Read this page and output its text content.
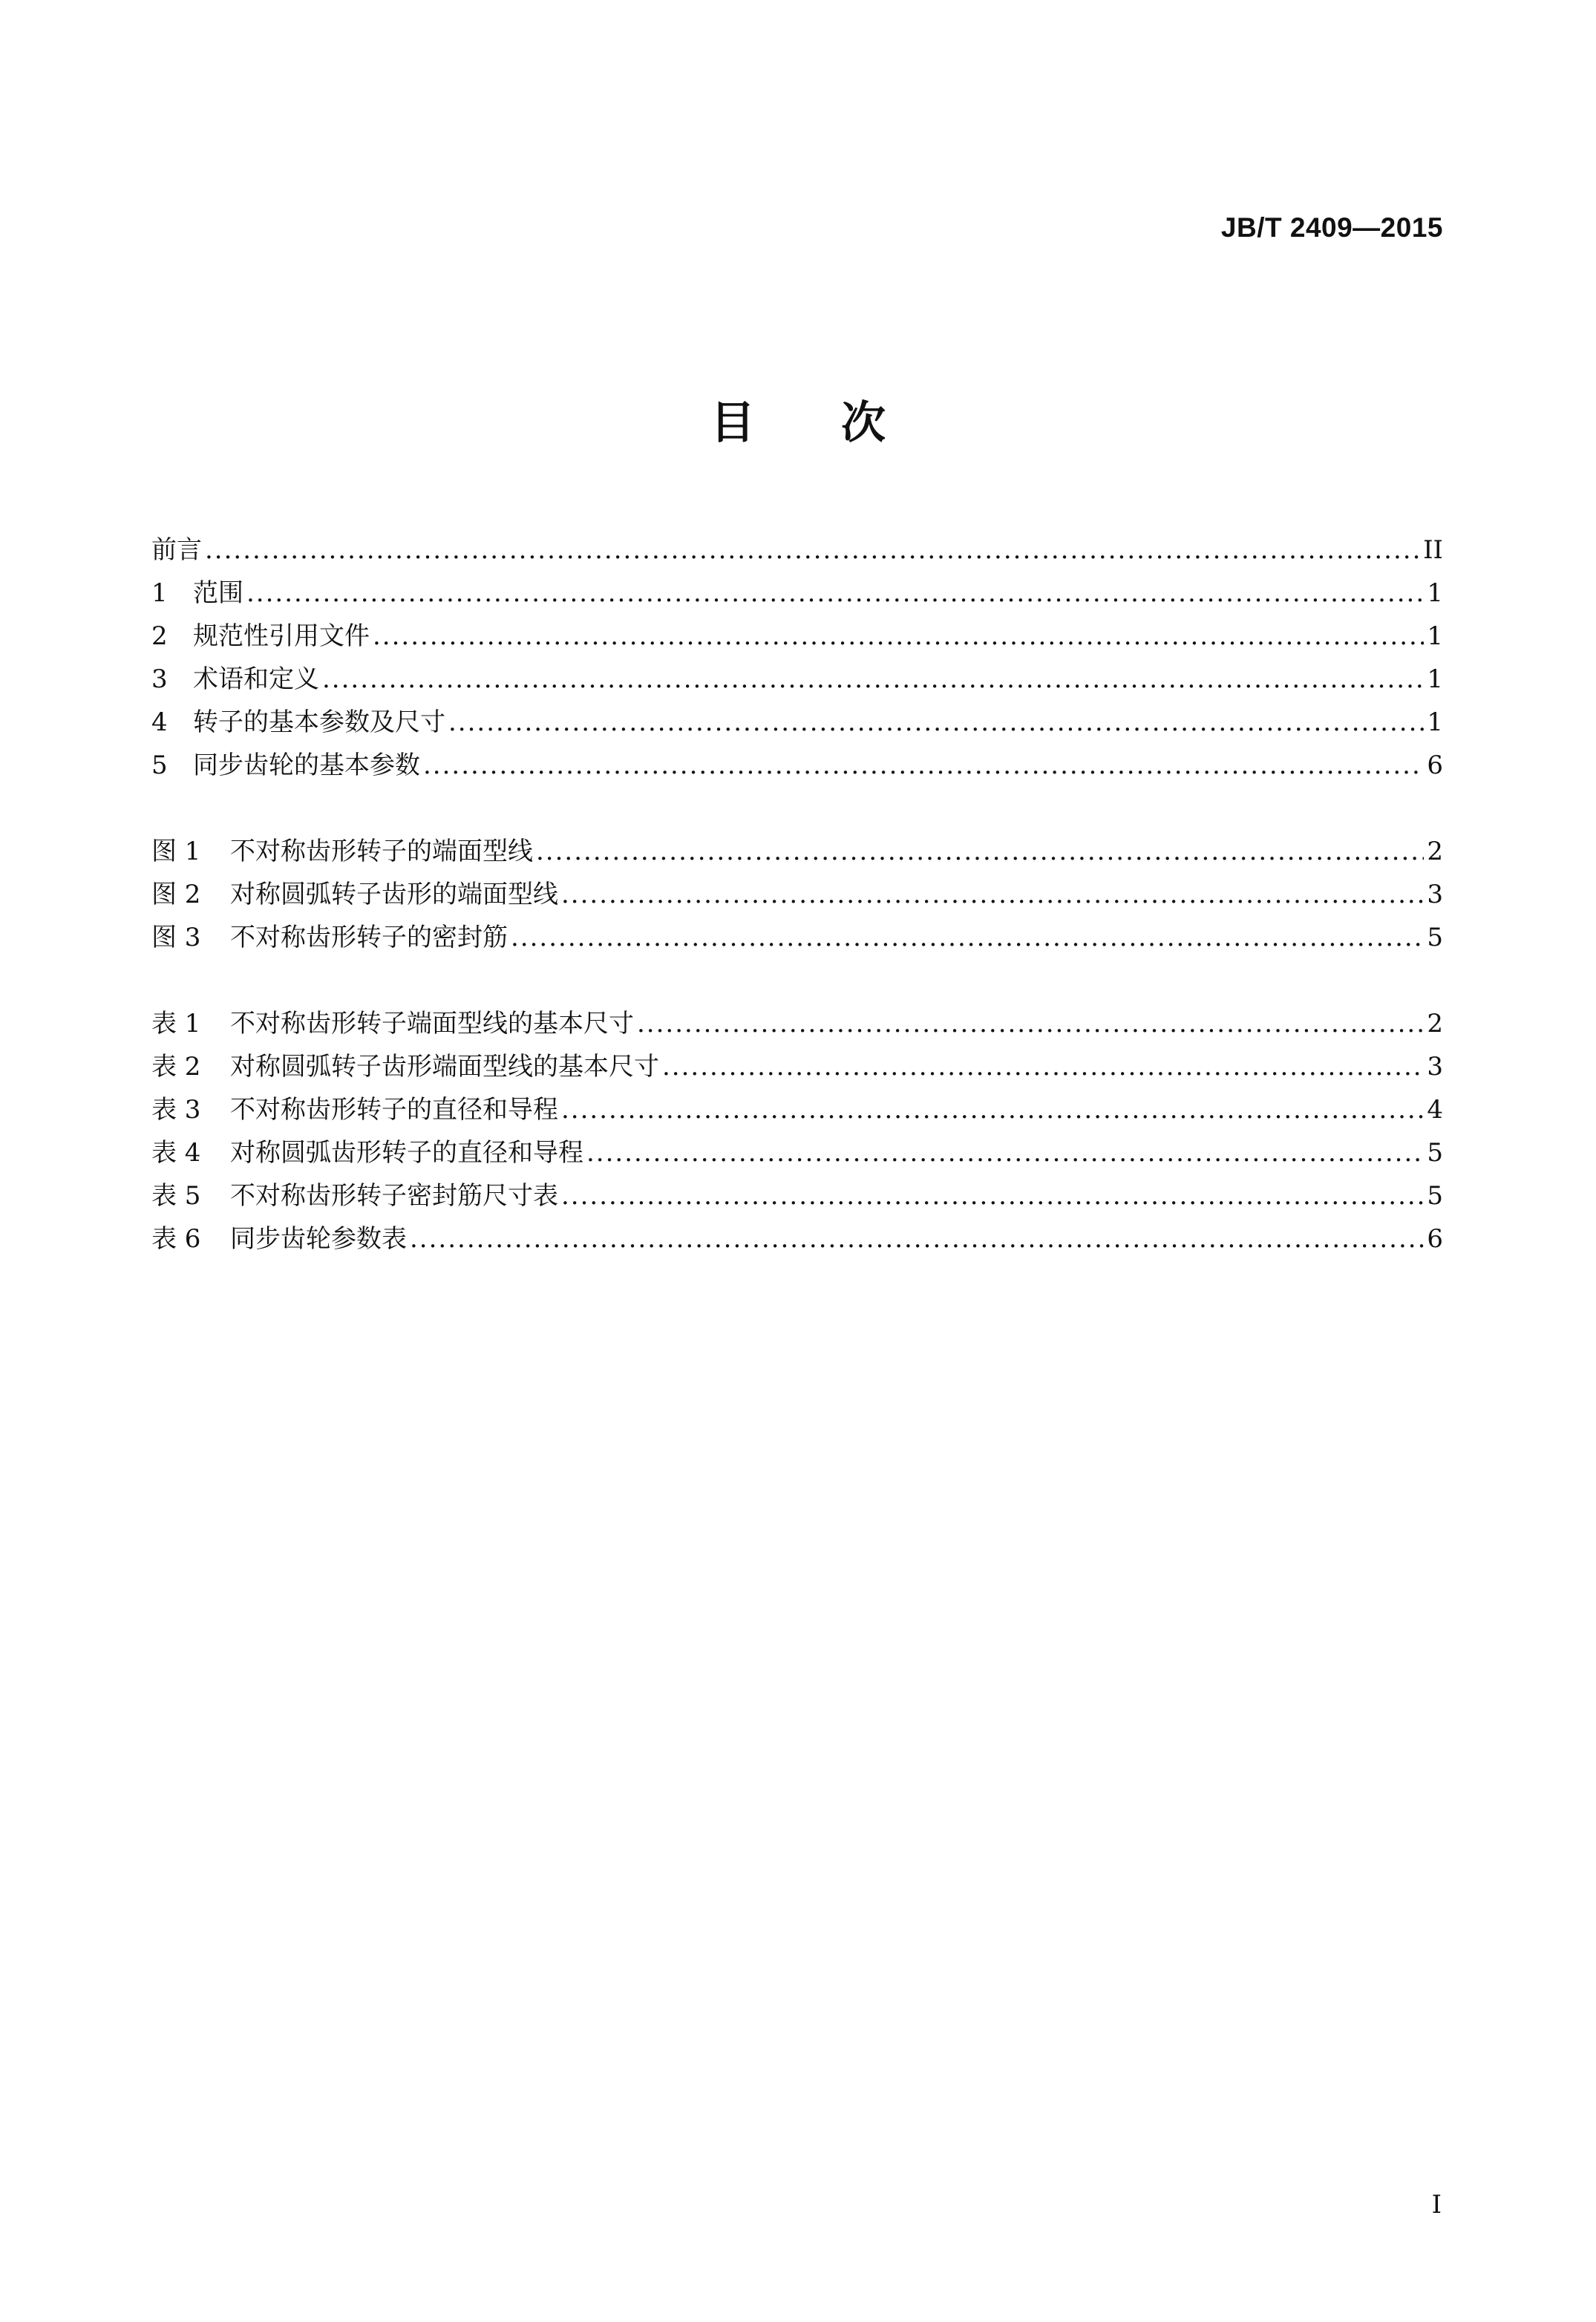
JB/T 2409—2015
目 次
前言 .....	II
1	范围 .....	1
2	规范性引用文件 .....	1
3	术语和定义 .....	1
4	转子的基本参数及尺寸 .....	1
5	同步齿轮的基本参数 .....	6
图 1	不对称齿形转子的端面型线 .....	2
图 2	对称圆弧转子齿形的端面型线 .....	3
图 3	不对称齿形转子的密封筋 .....	5
表 1	不对称齿形转子端面型线的基本尺寸 .....	2
表 2	对称圆弧转子齿形端面型线的基本尺寸 .....	3
表 3	不对称齿形转子的直径和导程 .....	4
表 4	对称圆弧齿形转子的直径和导程 .....	5
表 5	不对称齿形转子密封筋尺寸表 .....	5
表 6	同步齿轮参数表 .....	6
I
